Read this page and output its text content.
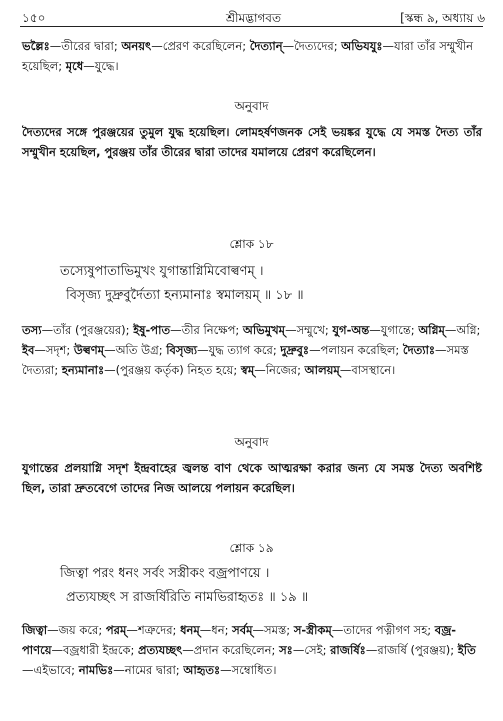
১৫০	শ্রীমদ্ভাগবত	[স্কন্ধ ৯, অধ্যায় ৬
ভল্লৈঃ—তীরের দ্বারা; অনয়ৎ—প্রেরণ করেছিলেন; দৈত্যান্—দৈত্যদের; অভিযযুঃ—যারা তাঁর সম্মুখীন হয়েছিল; মৃধে—যুদ্ধে।
অনুবাদ
দৈত্যদের সঙ্গে পুরঞ্জয়ের তুমুল যুদ্ধ হয়েছিল। লোমহর্ষণজনক সেই ভয়ঙ্কর যুদ্ধে যে সমস্ত দৈত্য তাঁর সম্মুখীন হয়েছিল, পুরঞ্জয় তাঁর তীরের দ্বারা তাদের যমালয়ে প্রেরণ করেছিলেন।
শ্লোক ১৮
তস্যেষুপাতাভিমুখং যুগান্তাগ্নিমিবোল্বণম্ ।
বিসৃজ্য দুদ্রুবুর্দৈত্যা হন্যমানাঃ স্বমালয়ম্ ॥ ১৮ ॥
তস্য—তাঁর (পুরঞ্জয়ের); ইষু-পাত—তীর নিক্ষেপ; অভিমুখম্—সম্মুখে; যুগ-অন্ত—যুগান্তে; অগ্নিম্—অগ্নি; ইব—সদৃশ; উল্বণম্—অতি উগ্র; বিসৃজ্য—যুদ্ধ ত্যাগ করে; দুদ্রুবুঃ—পলায়ন করেছিল; দৈত্যাঃ—সমস্ত দৈত্যরা; হন্যমানাঃ—(পুরঞ্জয় কর্তৃক) নিহত হয়ে; স্বম্—নিজের; আলয়ম্—বাসস্থানে।
অনুবাদ
যুগান্তের প্রলয়াগ্নি সদৃশ ইন্দ্রবাহের জ্বলন্ত বাণ থেকে আত্মরক্ষা করার জন্য যে সমস্ত দৈত্য অবশিষ্ট ছিল, তারা দ্রুতবেগে তাদের নিজ আলয়ে পলায়ন করেছিল।
শ্লোক ১৯
জিত্বা পরং ধনং সর্বং সস্ত্রীকং বজ্রপাণয়ে ।
প্রত্যযচ্ছৎ স রাজর্ষিরিতি নামভিরাহৃতঃ ॥ ১৯ ॥
জিত্বা—জয় করে; পরম্—শত্রুদের; ধনম্—ধন; সর্বম্—সমস্ত; স-স্ত্রীকম্—তাদের পত্নীগণ সহ; বজ্র-পাণয়ে—বজ্রধারী ইন্দ্রকে; প্রত্যযচ্ছৎ—প্রদান করেছিলেন; সঃ—সেই; রাজর্ষিঃ—রাজর্ষি (পুরঞ্জয়); ইতি—এইভাবে; নামভিঃ—নামের দ্বারা; আহৃতঃ—সম্বোধিত।
